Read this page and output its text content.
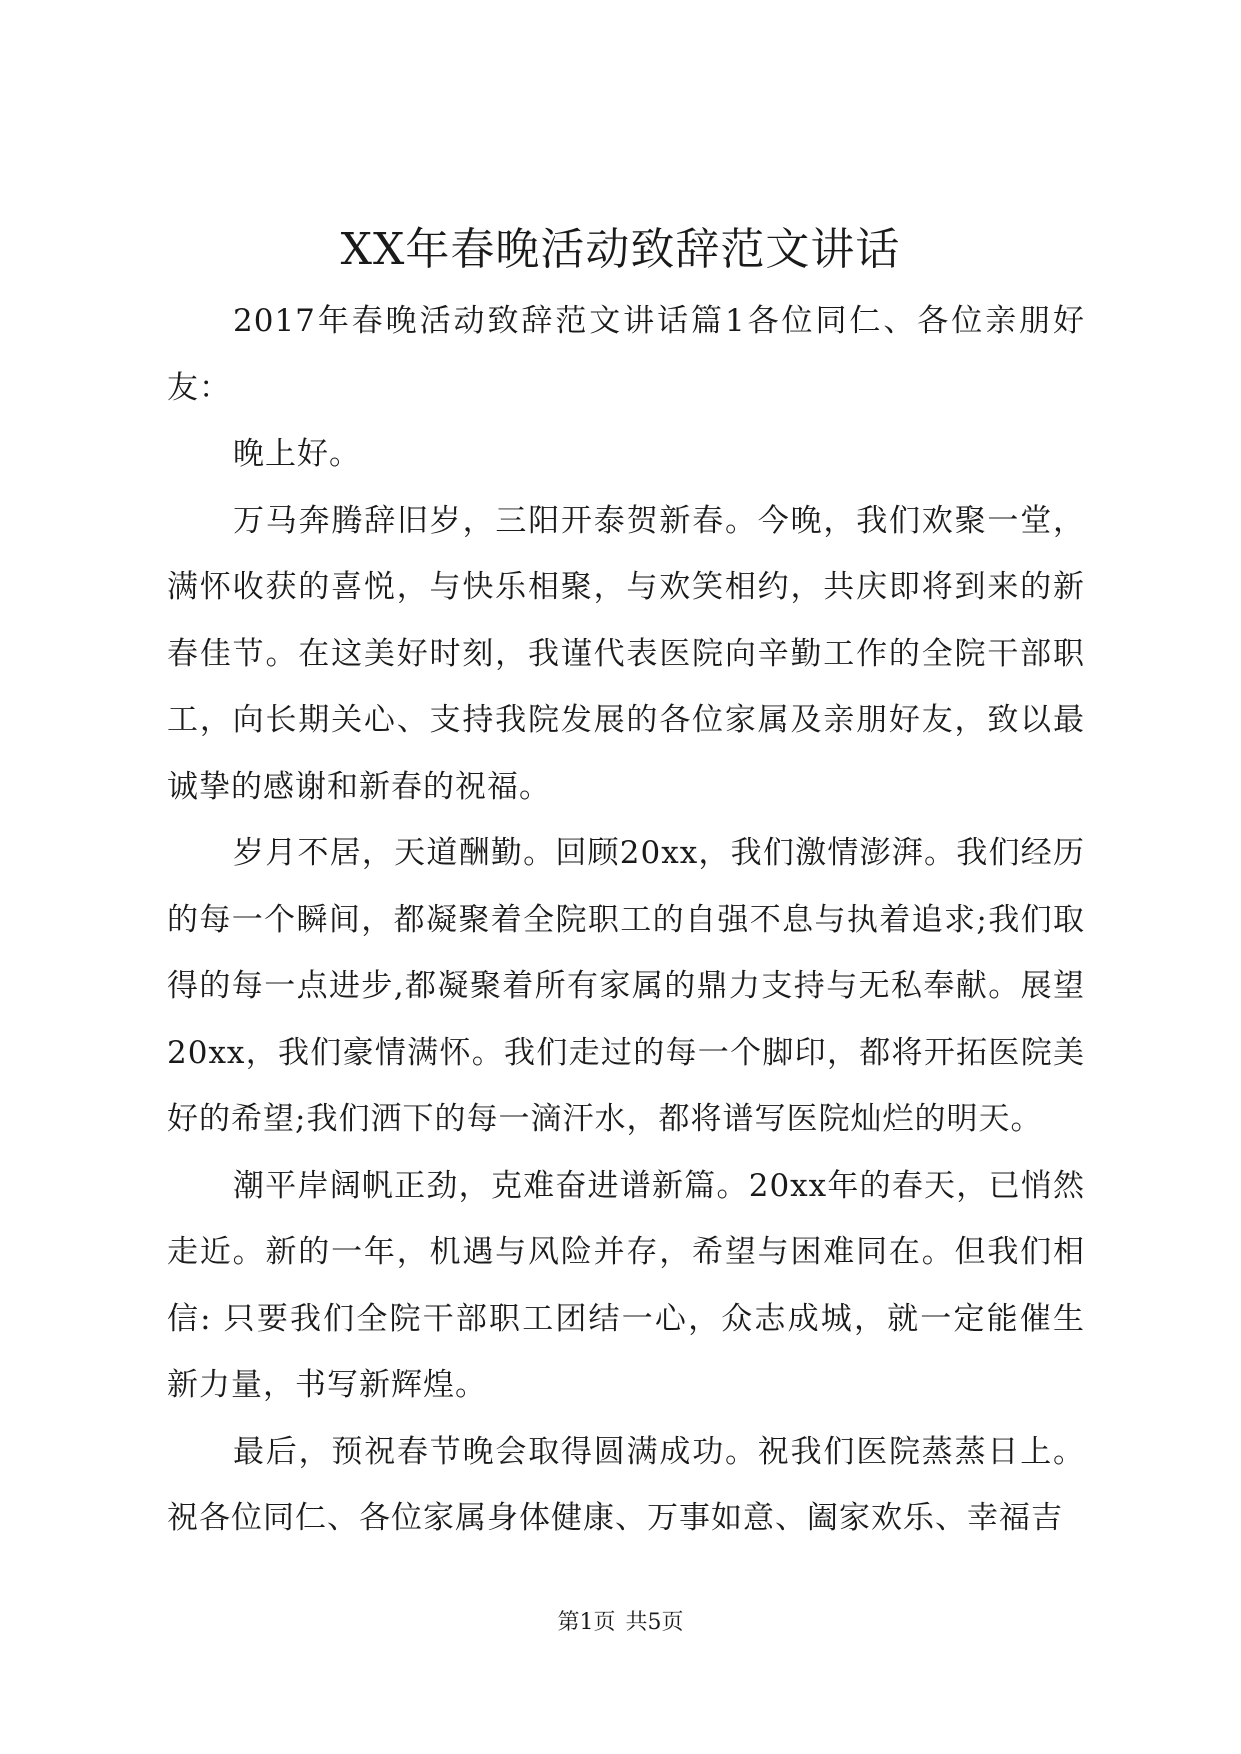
XX年春晚活动致辞范文讲话

2017年春晚活动致辞范文讲话篇1各位同仁、各位亲朋好友：

晚上好。

万马奔腾辞旧岁，三阳开泰贺新春。今晚，我们欢聚一堂，满怀收获的喜悦，与快乐相聚，与欢笑相约，共庆即将到来的新春佳节。在这美好时刻，我谨代表医院向辛勤工作的全院干部职工，向长期关心、支持我院发展的各位家属及亲朋好友，致以最诚挚的感谢和新春的祝福。

岁月不居，天道酬勤。回顾20xx，我们激情澎湃。我们经历的每一个瞬间，都凝聚着全院职工的自强不息与执着追求;我们取得的每一点进步,都凝聚着所有家属的鼎力支持与无私奉献。展望20xx，我们豪情满怀。我们走过的每一个脚印，都将开拓医院美好的希望;我们洒下的每一滴汗水，都将谱写医院灿烂的明天。

潮平岸阔帆正劲，克难奋进谱新篇。20xx年的春天，已悄然走近。新的一年，机遇与风险并存，希望与困难同在。但我们相信: 只要我们全院干部职工团结一心，众志成城，就一定能催生新力量，书写新辉煌。

最后，预祝春节晚会取得圆满成功。祝我们医院蒸蒸日上。祝各位同仁、各位家属身体健康、万事如意、阖家欢乐、幸福吉

第1页 共5页
